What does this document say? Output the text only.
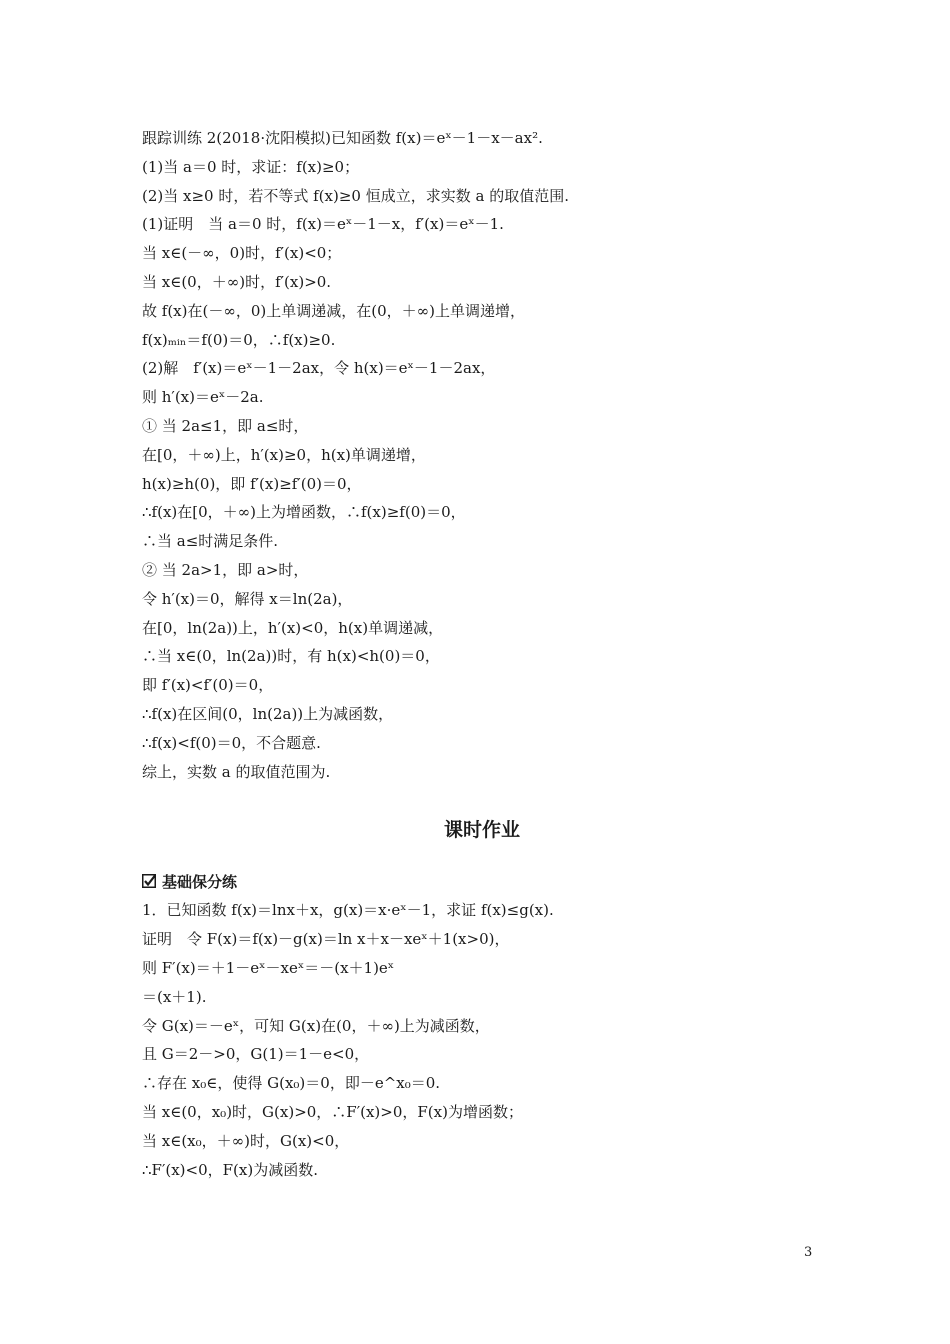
跟踪训练 2(2018·沈阳模拟)已知函数 f(x)＝eˣ－1－x－ax².
(1)当 a＝0 时，求证：f(x)≥0；
(2)当 x≥0 时，若不等式 f(x)≥0 恒成立，求实数 a 的取值范围.
(1)证明　当 a＝0 时，f(x)＝eˣ－1－x，f′(x)＝eˣ－1.
当 x∈(－∞，0)时，f′(x)<0；
当 x∈(0，＋∞)时，f′(x)>0.
故 f(x)在(－∞，0)上单调递减，在(0，＋∞)上单调递增，
f(x)ₘᵢₙ＝f(0)＝0，∴f(x)≥0.
(2)解　f′(x)＝eˣ－1－2ax，令 h(x)＝eˣ－1－2ax，
则 h′(x)＝eˣ－2a.
① 当 2a≤1，即 a≤时，
在[0，＋∞)上，h′(x)≥0，h(x)单调递增，
h(x)≥h(0)，即 f′(x)≥f′(0)＝0，
∴f(x)在[0，＋∞)上为增函数，∴f(x)≥f(0)＝0，
∴当 a≤时满足条件.
② 当 2a>1，即 a>时，
令 h′(x)＝0，解得 x＝ln(2a)，
在[0，ln(2a))上，h′(x)<0，h(x)单调递减，
∴当 x∈(0，ln(2a))时，有 h(x)<h(0)＝0，
即 f′(x)<f′(0)＝0，
∴f(x)在区间(0，ln(2a))上为减函数，
∴f(x)<f(0)＝0，不合题意.
综上，实数 a 的取值范围为.
课时作业
基础保分练
1．已知函数 f(x)＝lnx＋x，g(x)＝x·eˣ－1，求证 f(x)≤g(x).
证明　令 F(x)＝f(x)－g(x)＝ln x＋x－xeˣ＋1(x>0)，
则 F′(x)＝＋1－eˣ－xeˣ＝－(x＋1)eˣ
＝(x＋1).
令 G(x)＝－eˣ，可知 G(x)在(0，＋∞)上为减函数，
且 G＝2－>0，G(1)＝1－e<0，
∴存在 x₀∈，使得 G(x₀)＝0，即－e^x₀＝0.
当 x∈(0，x₀)时，G(x)>0，∴F′(x)>0，F(x)为增函数；
当 x∈(x₀，＋∞)时，G(x)<0，
∴F′(x)<0，F(x)为减函数.
3
